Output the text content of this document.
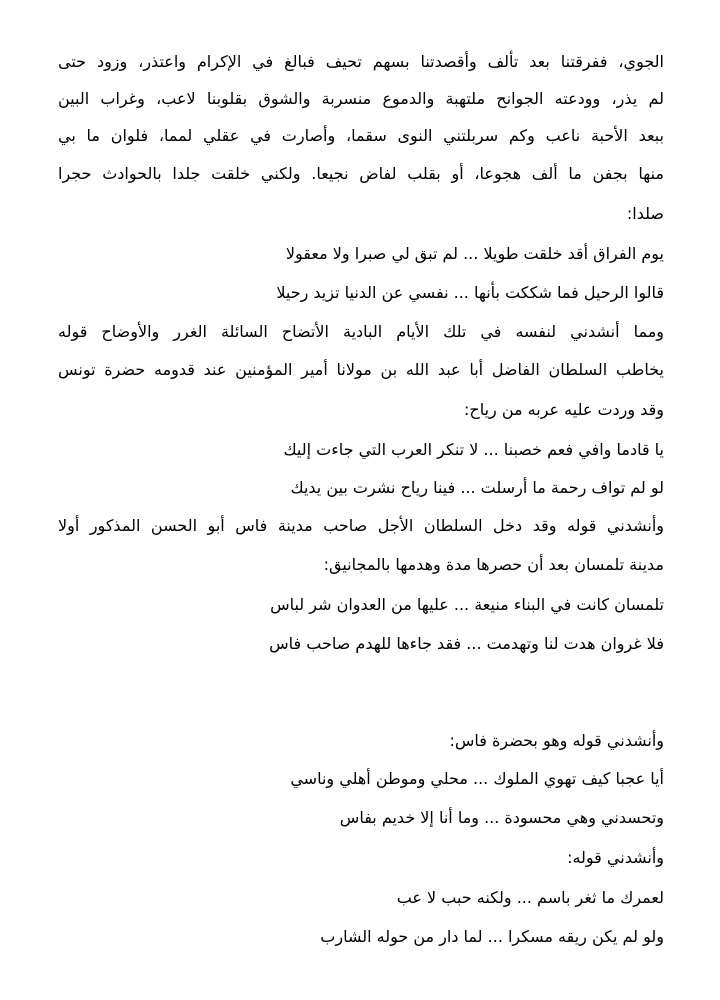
الجوي، ففرقتنا بعد تألف وأقصدتنا بسهم تحيف فبالغ في الإكرام واعتذر، وزود حتى
لم يذر، وودعته الجوانح ملتهبة والدموع منسربة والشوق بقلوبنا لاعب، وغراب البين
ببعد الأحبة ناعب وكم سربلتني النوى سقما، وأصارت في عقلي لمما، فلوان ما بي
منها بجفن ما ألف هجوعا، أو بقلب لفاض نجيعا. ولكني خلقت جلدا بالحوادث حجرا
صلدا:
يوم الفراق أقد خلقت طويلا ... لم تبق لي صبرا ولا معقولا
قالوا الرحيل فما شككت بأنها ... نفسي عن الدنيا تزيد رحيلا
ومما أنشدني لنفسه في تلك الأيام البادية الأتضاح السائلة الغرر والأوضاح قوله
يخاطب السلطان الفاضل أبا عبد الله بن مولانا أمير المؤمنين عند قدومه حضرة تونس
وقد وردت عليه عربه من رياح:
يا قادما وافي فعم خصبنا ... لا تنكر العرب التي جاءت إليك
لو لم تواف رحمة ما أرسلت ... فينا رياح نشرت بين يديك
وأنشدني قوله وقد دخل السلطان الأجل صاحب مدينة فاس أبو الحسن المذكور أولا
مدينة تلمسان بعد أن حصرها مدة وهدمها بالمجانيق:
تلمسان كانت في البناء منيعة ... عليها من العدوان شر لباس
فلا غروان هدت لنا وتهدمت ... فقد جاءها للهدم صاحب فاس
وأنشدني قوله وهو بحضرة فاس:
أيا عجبا كيف تهوي الملوك ... محلي وموطن أهلي وناسي
وتحسدني وهي محسودة ... وما أنا إلا خديم بفاس
وأنشدني قوله:
لعمرك ما ثغر باسم ... ولكنه حبب لا عب
ولو لم يكن ريقه مسكرا ... لما دار من حوله الشارب
